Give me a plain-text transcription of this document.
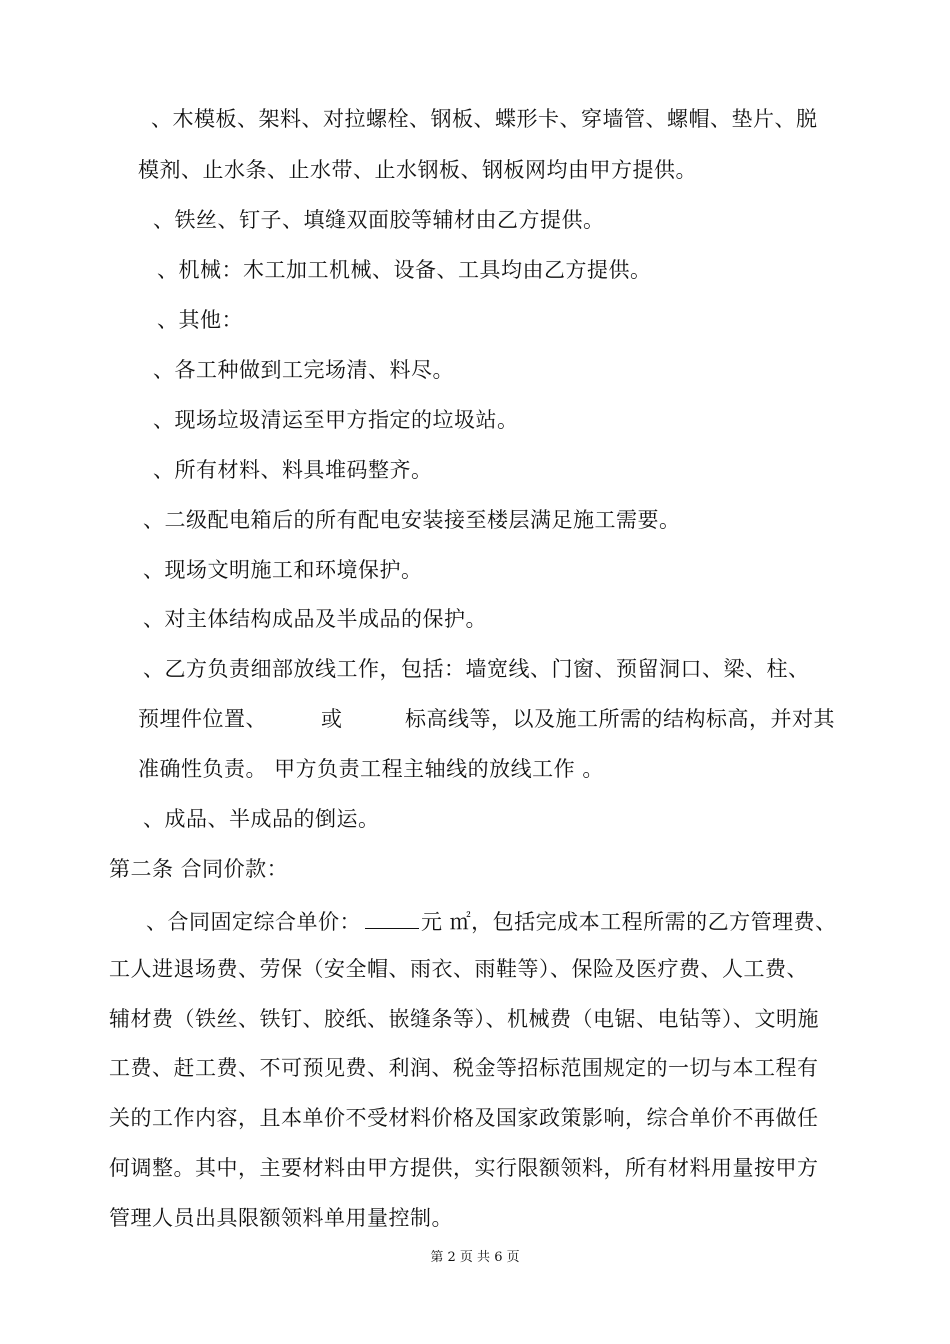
、木模板、架料、对拉螺栓、钢板、蝶形卡、穿墙管、螺帽、垫片、脱
模剂、止水条、止水带、止水钢板、钢板网均由甲方提供。
、铁丝、钉子、填缝双面胶等辅材由乙方提供。
、机械：木工加工机械、设备、工具均由乙方提供。
、其他：
、各工种做到工完场清、料尽。
、现场垃圾清运至甲方指定的垃圾站。
、所有材料、料具堆码整齐。
、二级配电箱后的所有配电安装接至楼层满足施工需要。
、现场文明施工和环境保护。
、对主体结构成品及半成品的保护。
、乙方负责细部放线工作，包括：墙宽线、门窗、预留洞口、梁、柱、
预埋件位置、	或	标高线等，以及施工所需的结构标高，并对其
准确性负责。 甲方负责工程主轴线的放线工作 。
、成品、半成品的倒运。
第二条 合同价款：
、合同固定综合单价：	元 ㎡，包括完成本工程所需的乙方管理费、
工人进退场费、劳保（安全帽、雨衣、雨鞋等）、保险及医疗费、人工费、
辅材费（铁丝、铁钉、胶纸、嵌缝条等）、机械费（电锯、电钻等）、文明施
工费、赶工费、不可预见费、利润、税金等招标范围规定的一切与本工程有
关的工作内容，且本单价不受材料价格及国家政策影响，综合单价不再做任
何调整。其中，主要材料由甲方提供，实行限额领料，所有材料用量按甲方
管理人员出具限额领料单用量控制。
第 2 页 共 6 页
